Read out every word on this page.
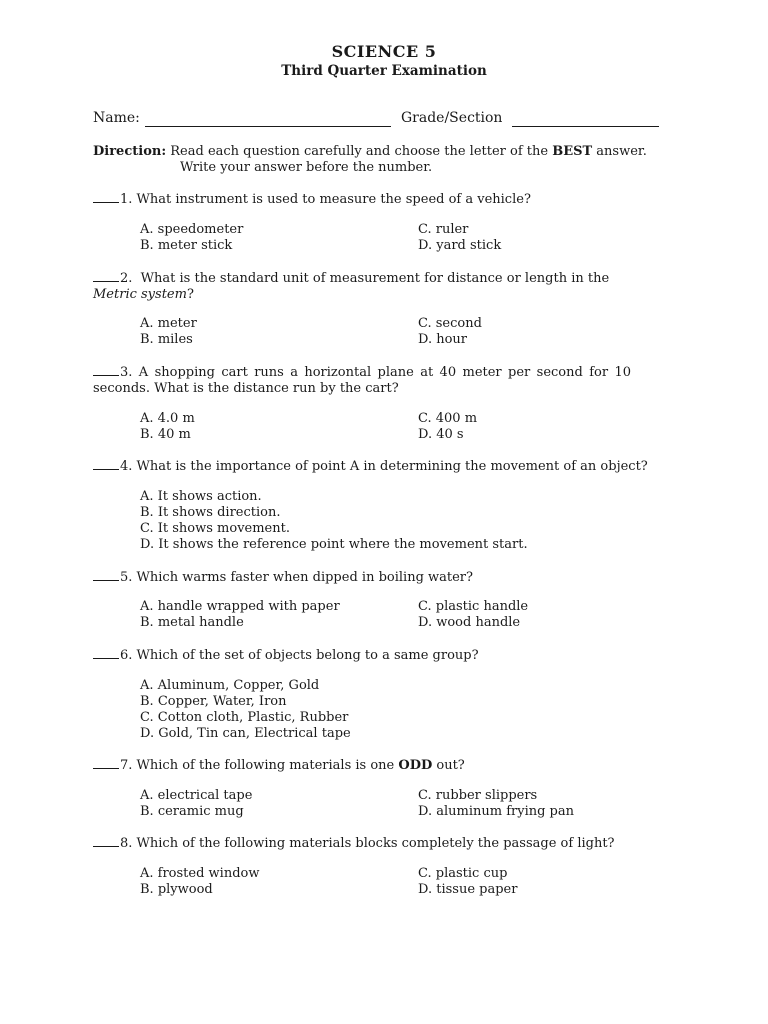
SCIENCE 5
Third Quarter Examination
Name:	Grade/Section
Direction: Read each question carefully and choose the letter of the BEST answer.
Write your answer before the number.
1. What instrument is used to measure the speed of a vehicle?
A. speedometer
B. meter stick
C. ruler
D. yard stick
2.  What is the standard unit of measurement for distance or length in the
Metric system?
A. meter
B. miles
C. second
D. hour
3. A shopping cart runs a horizontal plane at 40 meter per second for 10 seconds. What is the distance run by the cart?
A. 4.0 m
B. 40 m
C. 400 m
D. 40 s
4. What is the importance of point A in determining the movement of an object?
A. It shows action.
B. It shows direction.
C. It shows movement.
D. It shows the reference point where the movement start.
5. Which warms faster when dipped in boiling water?
A. handle wrapped with paper
B. metal handle
C. plastic handle
D. wood handle
6. Which of the set of objects belong to a same group?
A. Aluminum, Copper, Gold
B. Copper, Water, Iron
C. Cotton cloth, Plastic, Rubber
D. Gold, Tin can, Electrical tape
7. Which of the following materials is one ODD out?
A. electrical tape
B. ceramic mug
C. rubber slippers
D. aluminum frying pan
8. Which of the following materials blocks completely the passage of light?
A. frosted window
B. plywood
C. plastic cup
D. tissue paper
